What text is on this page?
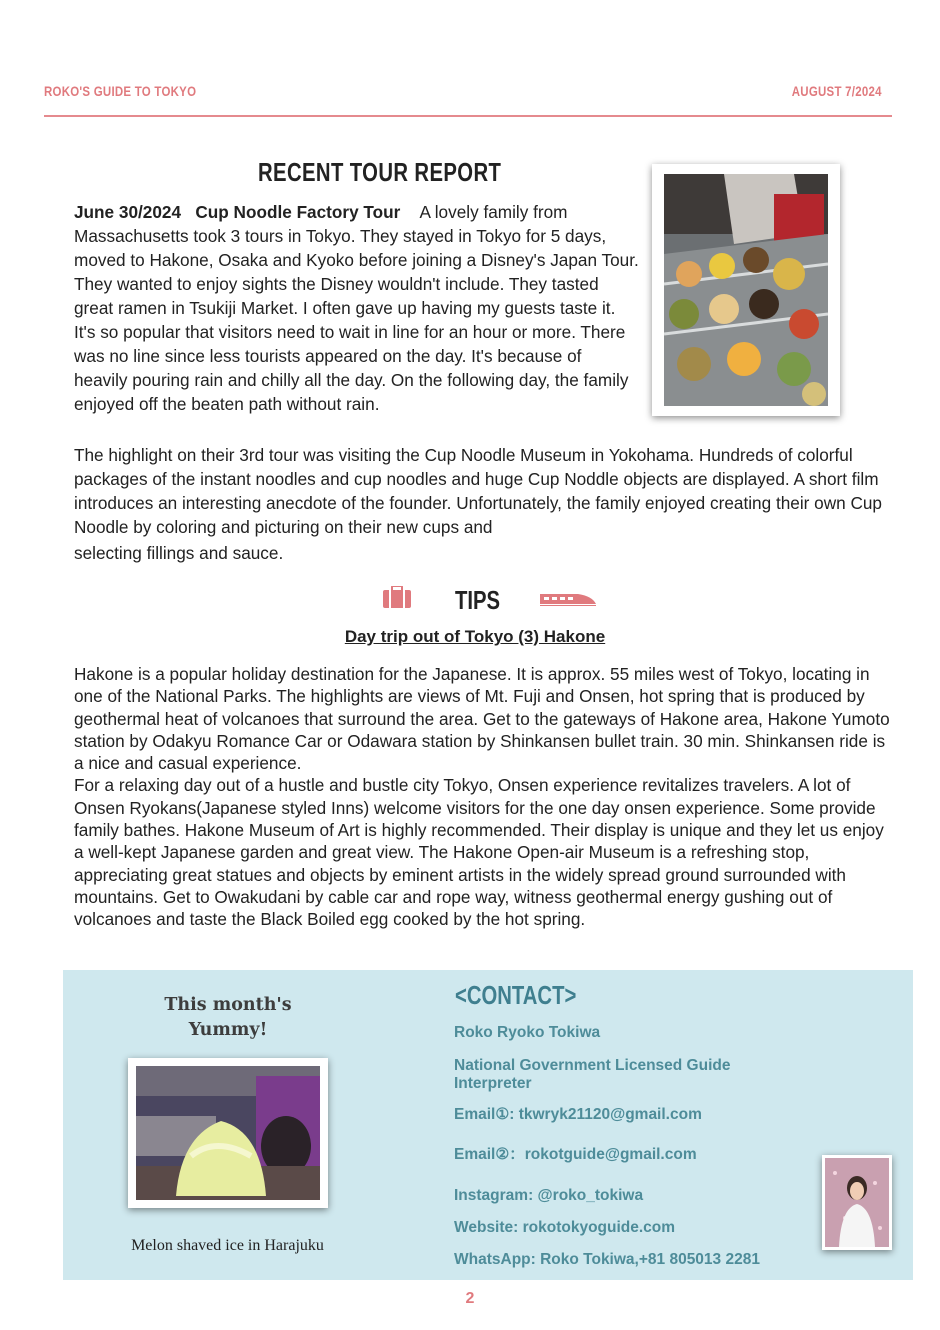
ROKO'S GUIDE TO TOKYO	AUGUST 7/2024
RECENT TOUR REPORT
June 30/2024 Cup Noodle Factory Tour A lovely family from Massachusetts took 3 tours in Tokyo. They stayed in Tokyo for 5 days, moved to Hakone, Osaka and Kyoko before joining a Disney's Japan Tour. They wanted to enjoy sights the Disney wouldn't include. They tasted great ramen in Tsukiji Market. I often gave up having my guests taste it. It's so popular that visitors need to wait in line for an hour or more. There was no line since less tourists appeared on the day. It's because of heavily pouring rain and chilly all the day. On the following day, the family enjoyed off the beaten path without rain.
The highlight on their 3rd tour was visiting the Cup Noodle Museum in Yokohama. Hundreds of colorful packages of the instant noodles and cup noodles and huge Cup Noddle objects are displayed. A short film introduces an interesting anecdote of the founder. Unfortunately, the family enjoyed creating their own Cup Noodle by coloring and picturing on their new cups and
selecting fillings and sauce.
TIPS
Day trip out of Tokyo (3) Hakone
Hakone is a popular holiday destination for the Japanese. It is approx. 55 miles west of Tokyo, locating in one of the National Parks. The highlights are views of Mt. Fuji and Onsen, hot spring that is produced by geothermal heat of volcanoes that surround the area. Get to the gateways of Hakone area, Hakone Yumoto station by Odakyu Romance Car or Odawara station by Shinkansen bullet train. 30 min. Shinkansen ride is a nice and casual experience.
For a relaxing day out of a hustle and bustle city Tokyo, Onsen experience revitalizes travelers. A lot of Onsen Ryokans(Japanese styled Inns) welcome visitors for the one day onsen experience. Some provide family bathes. Hakone Museum of Art is highly recommended. Their display is unique and they let us enjoy a well-kept Japanese garden and great view. The Hakone Open-air Museum is a refreshing stop, appreciating great statues and objects by eminent artists in the widely spread ground surrounded with mountains. Get to Owakudani by cable car and rope way, witness geothermal energy gushing out of volcanoes and taste the Black Boiled egg cooked by the hot spring.
This month's Yummy!
Melon shaved ice in Harajuku
<CONTACT>
Roko Ryoko Tokiwa
National Government Licensed Guide Interpreter
Email①: tkwryk21120@gmail.com
Email②：rokotguide@gmail.com
Instagram: @roko_tokiwa
Website: rokotokyoguide.com
WhatsApp: Roko Tokiwa,+81 805013 2281
2
